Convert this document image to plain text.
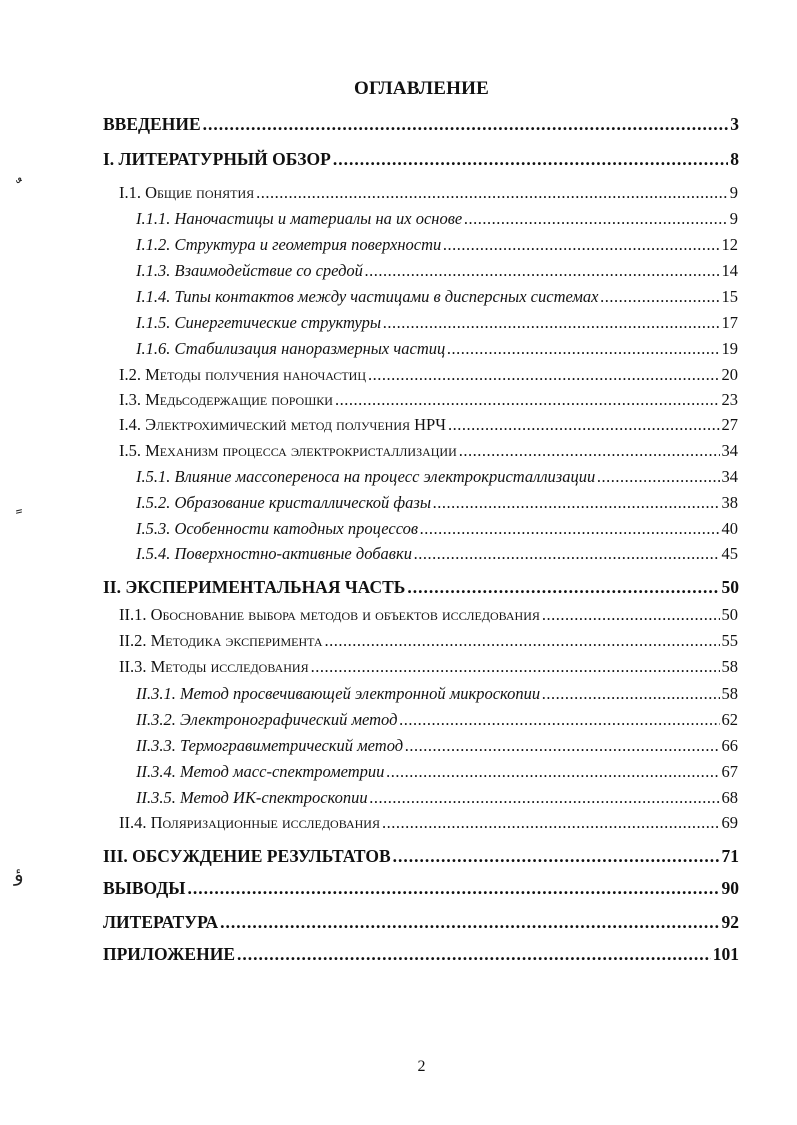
ОГЛАВЛЕНИЕ
ВВЕДЕНИЕ .....	3
I. ЛИТЕРАТУРНЫЙ ОБЗОР .....	8
I.1. Общие понятия .....	9
I.1.1. Наночастицы и материалы на их основе .....	9
I.1.2. Структура и геометрия поверхности .....	12
I.1.3. Взаимодействие со средой .....	14
I.1.4. Типы контактов между частицами в дисперсных системах .....	15
I.1.5. Синергетические структуры .....	17
I.1.6. Стабилизация наноразмерных частиц .....	19
I.2. Методы получения наночастиц .....	20
I.3. Медьсодержащие порошки .....	23
I.4. Электрохимический метод получения НРЧ .....	27
I.5. Механизм процесса электрокристаллизации .....	34
I.5.1. Влияние массопереноса на процесс электрокристаллизации .....	34
I.5.2. Образование кристаллической фазы .....	38
I.5.3. Особенности катодных процессов .....	40
I.5.4. Поверхностно-активные добавки .....	45
II. ЭКСПЕРИМЕНТАЛЬНАЯ ЧАСТЬ .....	50
II.1. Обоснование выбора методов и объектов исследования .....	50
II.2. Методика эксперимента .....	55
II.3. Методы исследования .....	58
II.3.1. Метод просвечивающей электронной микроскопии .....	58
II.3.2. Электронографический метод .....	62
II.3.3. Термогравиметрический метод .....	66
II.3.4. Метод масс-спектрометрии .....	67
II.3.5. Метод ИК-спектроскопии .....	68
II.4. Поляризационные исследования .....	69
III. ОБСУЖДЕНИЕ РЕЗУЛЬТАТОВ .....	71
ВЫВОДЫ .....	90
ЛИТЕРАТУРА .....	92
ПРИЛОЖЕНИЕ .....	101
ؤ
2
